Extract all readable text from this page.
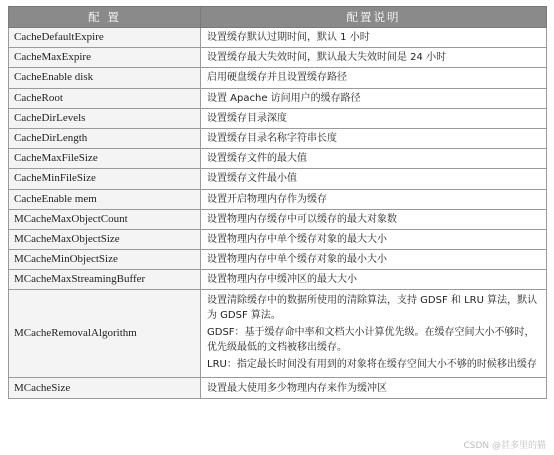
配 置	配置说明
CacheDefaultExpire	设置缓存默认过期时间，默认 1 小时
CacheMaxExpire	设置缓存最大失效时间，默认最大失效时间是 24 小时
CacheEnable disk	启用硬盘缓存并且设置缓存路径
CacheRoot	设置 Apache 访问用户的缓存路径
CacheDirLevels	设置缓存目录深度
CacheDirLength	设置缓存目录名称字符串长度
CacheMaxFileSize	设置缓存文件的最大值
CacheMinFileSize	设置缓存文件最小值
CacheEnable mem	设置开启物理内存作为缓存
MCacheMaxObjectCount	设置物理内存缓存中可以缓存的最大对象数
MCacheMaxObjectSize	设置物理内存中单个缓存对象的最大大小
MCacheMinObjectSize	设置物理内存中单个缓存对象的最小大小
MCacheMaxStreamingBuffer	设置物理内存中缓冲区的最大大小
MCacheRemovalAlgorithm	设置清除缓存中的数据所使用的清除算法，支持 GDSF 和 LRU 算法，默认为 GDSF 算法。

GDSF：基于缓存命中率和文档大小计算优先级。在缓存空间大小不够时，优先级最低的文档被移出缓存。

LRU：指定最长时间没有用到的对象将在缓存空间大小不够的时候移出缓存

MCacheSize	设置最大使用多少物理内存来作为缓冲区
CSDN @甚多里的猫
